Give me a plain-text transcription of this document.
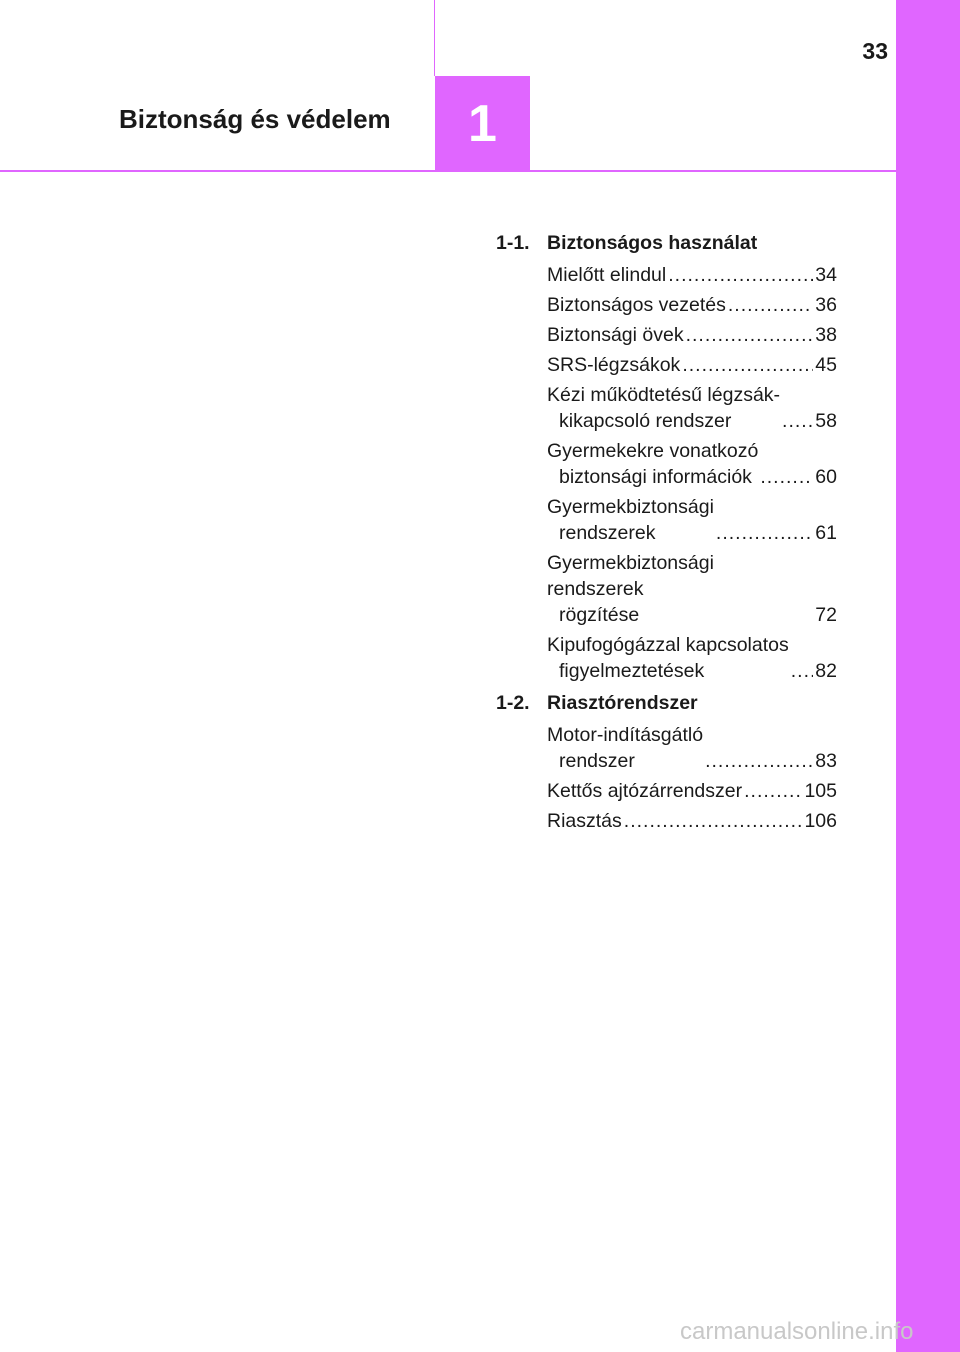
33
Biztonság és védelem 1
1-1. Biztonságos használat
Mielőtt elindul .....	34
Biztonságos vezetés .....	36
Biztonsági övek .....	38
SRS-légzsákok .....	45
Kézi működtetésű légzsák-
kikapcsoló rendszer .....	58
Gyermekekre vonatkozó
biztonsági információk .....	60
Gyermekbiztonsági
rendszerek .....	61
Gyermekbiztonsági rendszerek
rögzítése	72
Kipufogógázzal kapcsolatos
figyelmeztetések .....	82
1-2. Riasztórendszer
Motor-indításgátló
rendszer .....	83
Kettős ajtózárrendszer .....	105
Riasztás .....	106
carmanualsonline.info
